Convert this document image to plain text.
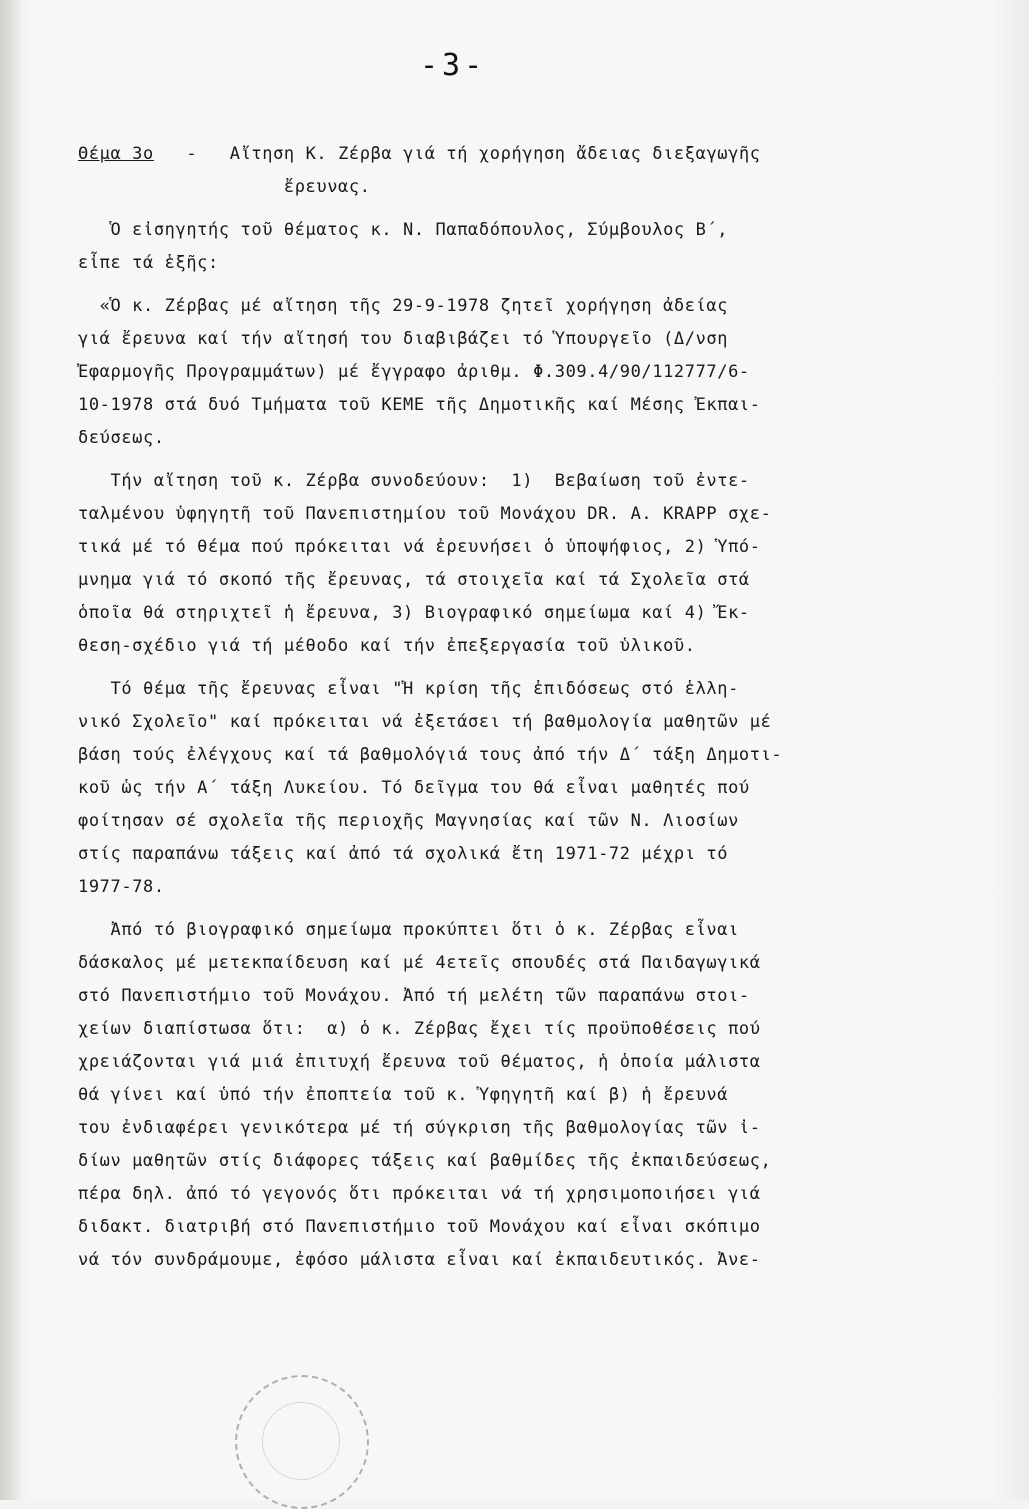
-3-
Θέμα 3ο - Αἴτηση Κ. Ζέρβα γιά τή χορήγηση ἄδειας διεξαγωγῆς
ἔρευνας.
Ὁ εἰσηγητής τοῦ θέματος κ. Ν. Παπαδόπουλος, Σύμβουλος Β΄,
εἶπε τά ἑξῆς:
«Ὁ κ. Ζέρβας μέ αἴτηση τῆς 29-9-1978 ζητεῖ χορήγηση ἀδείας
γιά ἔρευνα καί τήν αἴτησή του διαβιβάζει τό Ὑπουργεῖο (Δ/νση
Ἐφαρμογῆς Προγραμμάτων) μέ ἔγγραφο ἀριθμ. Φ.309.4/90/112777/6-
10-1978 στά δυό Τμήματα τοῦ ΚΕΜΕ τῆς Δημοτικῆς καί Μέσης Ἐκπαι-
δεύσεως.
Τήν αἴτηση τοῦ κ. Ζέρβα συνοδεύουν:  1)  Βεβαίωση τοῦ ἐντε-
ταλμένου ὑφηγητῆ τοῦ Πανεπιστημίου τοῦ Μονάχου DR. A. KRAPP σχε-
τικά μέ τό θέμα πού πρόκειται νά ἐρευνήσει ὁ ὑποψήφιος, 2) Ὑπό-
μνημα γιά τό σκοπό τῆς ἔρευνας, τά στοιχεῖα καί τά Σχολεῖα στά
ὁποῖα θά στηριχτεῖ ἡ ἔρευνα, 3) Βιογραφικό σημείωμα καί 4) Ἔκ-
θεση-σχέδιο γιά τή μέθοδο καί τήν ἐπεξεργασία τοῦ ὑλικοῦ.
Τό θέμα τῆς ἔρευνας εἶναι "Ἡ κρίση τῆς ἐπιδόσεως στό ἑλλη-
νικό Σχολεῖο" καί πρόκειται νά ἐξετάσει τή βαθμολογία μαθητῶν μέ
βάση τούς ἐλέγχους καί τά βαθμολόγιά τους ἀπό τήν Δ΄ τάξη Δημοτι-
κοῦ ὡς τήν Α΄ τάξη Λυκείου. Τό δεῖγμα του θά εἶναι μαθητές πού
φοίτησαν σέ σχολεῖα τῆς περιοχῆς Μαγνησίας καί τῶν Ν. Λιοσίων
στίς παραπάνω τάξεις καί ἀπό τά σχολικά ἔτη 1971-72 μέχρι τό
1977-78.
Ἀπό τό βιογραφικό σημείωμα προκύπτει ὅτι ὁ κ. Ζέρβας εἶναι
δάσκαλος μέ μετεκπαίδευση καί μέ 4ετεῖς σπουδές στά Παιδαγωγικά
στό Πανεπιστήμιο τοῦ Μονάχου. Ἀπό τή μελέτη τῶν παραπάνω στοι-
χείων διαπίστωσα ὅτι:  α) ὁ κ. Ζέρβας ἔχει τίς προϋποθέσεις πού
χρειάζονται γιά μιά ἐπιτυχή ἔρευνα τοῦ θέματος, ἡ ὁποία μάλιστα
θά γίνει καί ὑπό τήν ἐποπτεία τοῦ κ. Ὑφηγητῆ καί β) ἡ ἔρευνά
του ἐνδιαφέρει γενικότερα μέ τή σύγκριση τῆς βαθμολογίας τῶν ἰ-
δίων μαθητῶν στίς διάφορες τάξεις καί βαθμίδες τῆς ἐκπαιδεύσεως,
πέρα δηλ. ἀπό τό γεγονός ὅτι πρόκειται νά τή χρησιμοποιήσει γιά
διδακτ. διατριβή στό Πανεπιστήμιο τοῦ Μονάχου καί εἶναι σκόπιμο
νά τόν συνδράμουμε, ἐφόσο μάλιστα εἶναι καί ἐκπαιδευτικός. Ἀνε-
